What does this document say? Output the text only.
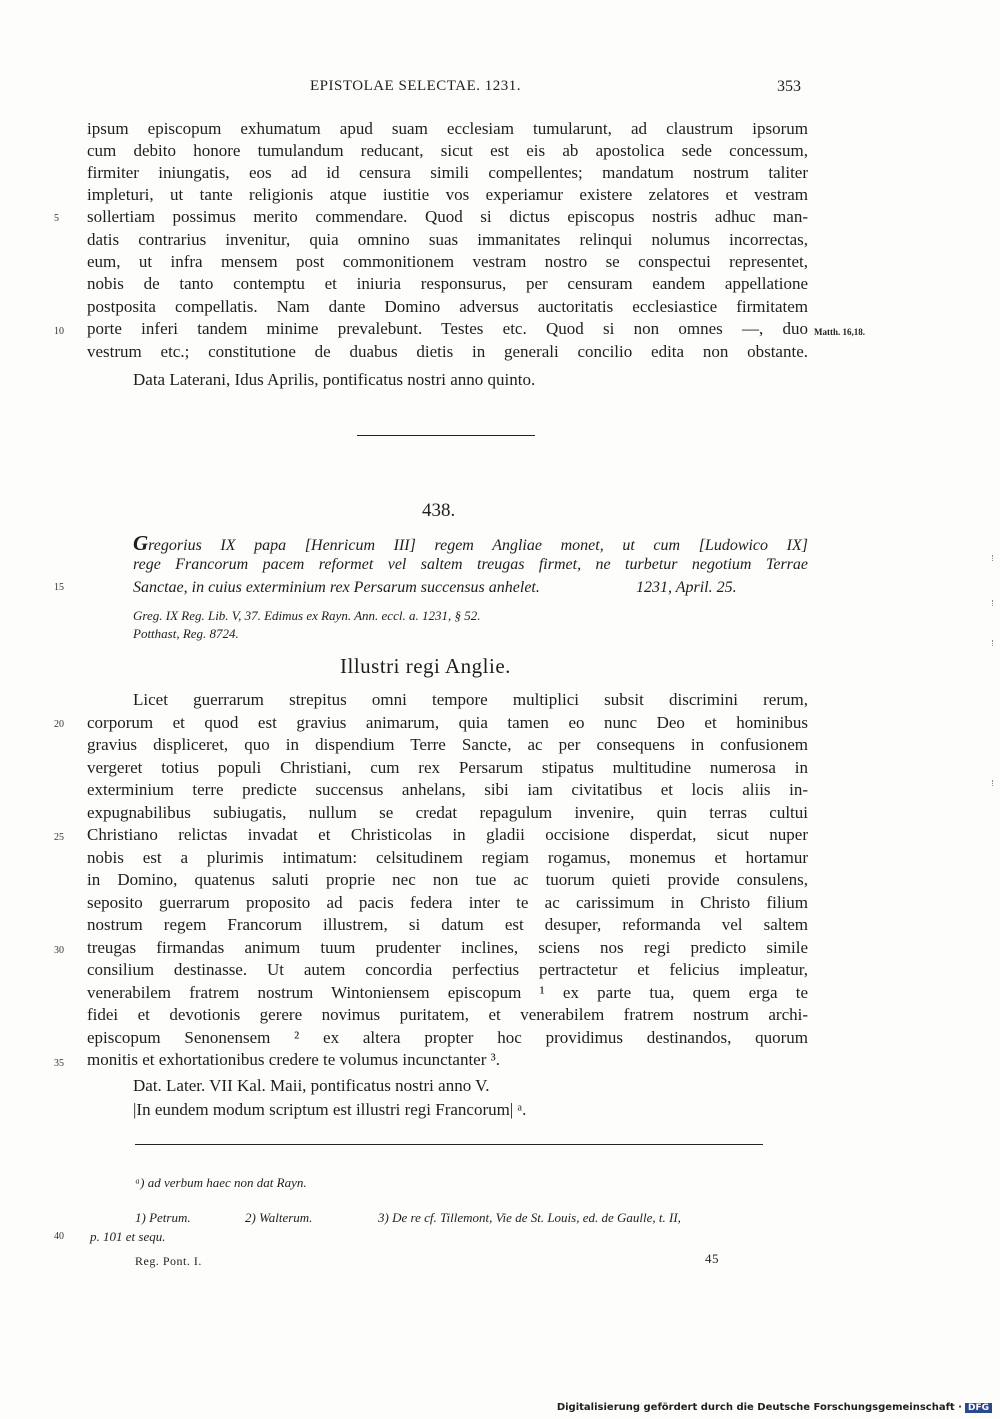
EPISTOLAE SELECTAE. 1231.	353
ipsum episcopum exhumatum apud suam ecclesiam tumularunt, ad claustrum ipsorum
cum debito honore tumulandum reducant, sicut est eis ab apostolica sede concessum,
firmiter iniungatis, eos ad id censura simili compellentes; mandatum nostrum taliter
impleturi, ut tante religionis atque iustitie vos experiamur existere zelatores et vestram
sollertiam possimus merito commendare. Quod si dictus episcopus nostris adhuc man-
datis contrarius invenitur, quia omnino suas immanitates relinqui nolumus incorrectas,
eum, ut infra mensem post commonitionem vestram nostro se conspectui representet,
nobis de tanto contemptu et iniuria responsurus, per censuram eandem appellatione
postposita compellatis. Nam dante Domino adversus auctoritatis ecclesiastice firmitatem
porte inferi tandem minime prevalebunt. Testes etc. Quod si non omnes —, duo
vestrum etc.; constitutione de duabus dietis in generali concilio edita non obstante.
Data Laterani, Idus Aprilis, pontificatus nostri anno quinto.
5
10
15
20
25
30
35
40
Matth. 16,18.
438.
Gregorius IX papa [Henricum III] regem Angliae monet, ut cum [Ludowico IX]
rege Francorum pacem reformet vel saltem treugas firmet, ne turbetur negotium Terrae
Sanctae, in cuius exterminium rex Persarum succensus anhelet.	1231, April. 25.
Greg. IX Reg. Lib. V, 37. Edimus ex Rayn. Ann. eccl. a. 1231, § 52.
Potthast, Reg. 8724.
Illustri regi Anglie.
Licet guerrarum strepitus omni tempore multiplici subsit discrimini rerum,
corporum et quod est gravius animarum, quia tamen eo nunc Deo et hominibus
gravius displiceret, quo in dispendium Terre Sancte, ac per consequens in confusionem
vergeret totius populi Christiani, cum rex Persarum stipatus multitudine numerosa in
exterminium terre predicte succensus anhelans, sibi iam civitatibus et locis aliis in-
expugnabilibus subiugatis, nullum se credat repagulum invenire, quin terras cultui
Christiano relictas invadat et Christicolas in gladii occisione disperdat, sicut nuper
nobis est a plurimis intimatum: celsitudinem regiam rogamus, monemus et hortamur
in Domino, quatenus saluti proprie nec non tue ac tuorum quieti provide consulens,
seposito guerrarum proposito ad pacis federa inter te ac carissimum in Christo filium
nostrum regem Francorum illustrem, si datum est desuper, reformanda vel saltem
treugas firmandas animum tuum prudenter inclines, sciens nos regi predicto simile
consilium destinasse. Ut autem concordia perfectius pertractetur et felicius impleatur,
venerabilem fratrem nostrum Wintoniensem episcopum ¹ ex parte tua, quem erga te
fidei et devotionis gerere novimus puritatem, et venerabilem fratrem nostrum archi-
episcopum Senonensem ² ex altera propter hoc providimus destinandos, quorum
monitis et exhortationibus credere te volumus incunctanter ³.
Dat. Later. VII Kal. Maii, pontificatus nostri anno V.
|In eundem modum scriptum est illustri regi Francorum| ᵃ.
ᵃ) ad verbum haec non dat Rayn.
1) Petrum.	2) Walterum.	3) De re cf. Tillemont, Vie de St. Louis, ed. de Gaulle, t. II,
p. 101 et sequ.
Reg. Pont. I.	45
Digitalisierung gefördert durch die Deutsche Forschungsgemeinschaft · DFG
